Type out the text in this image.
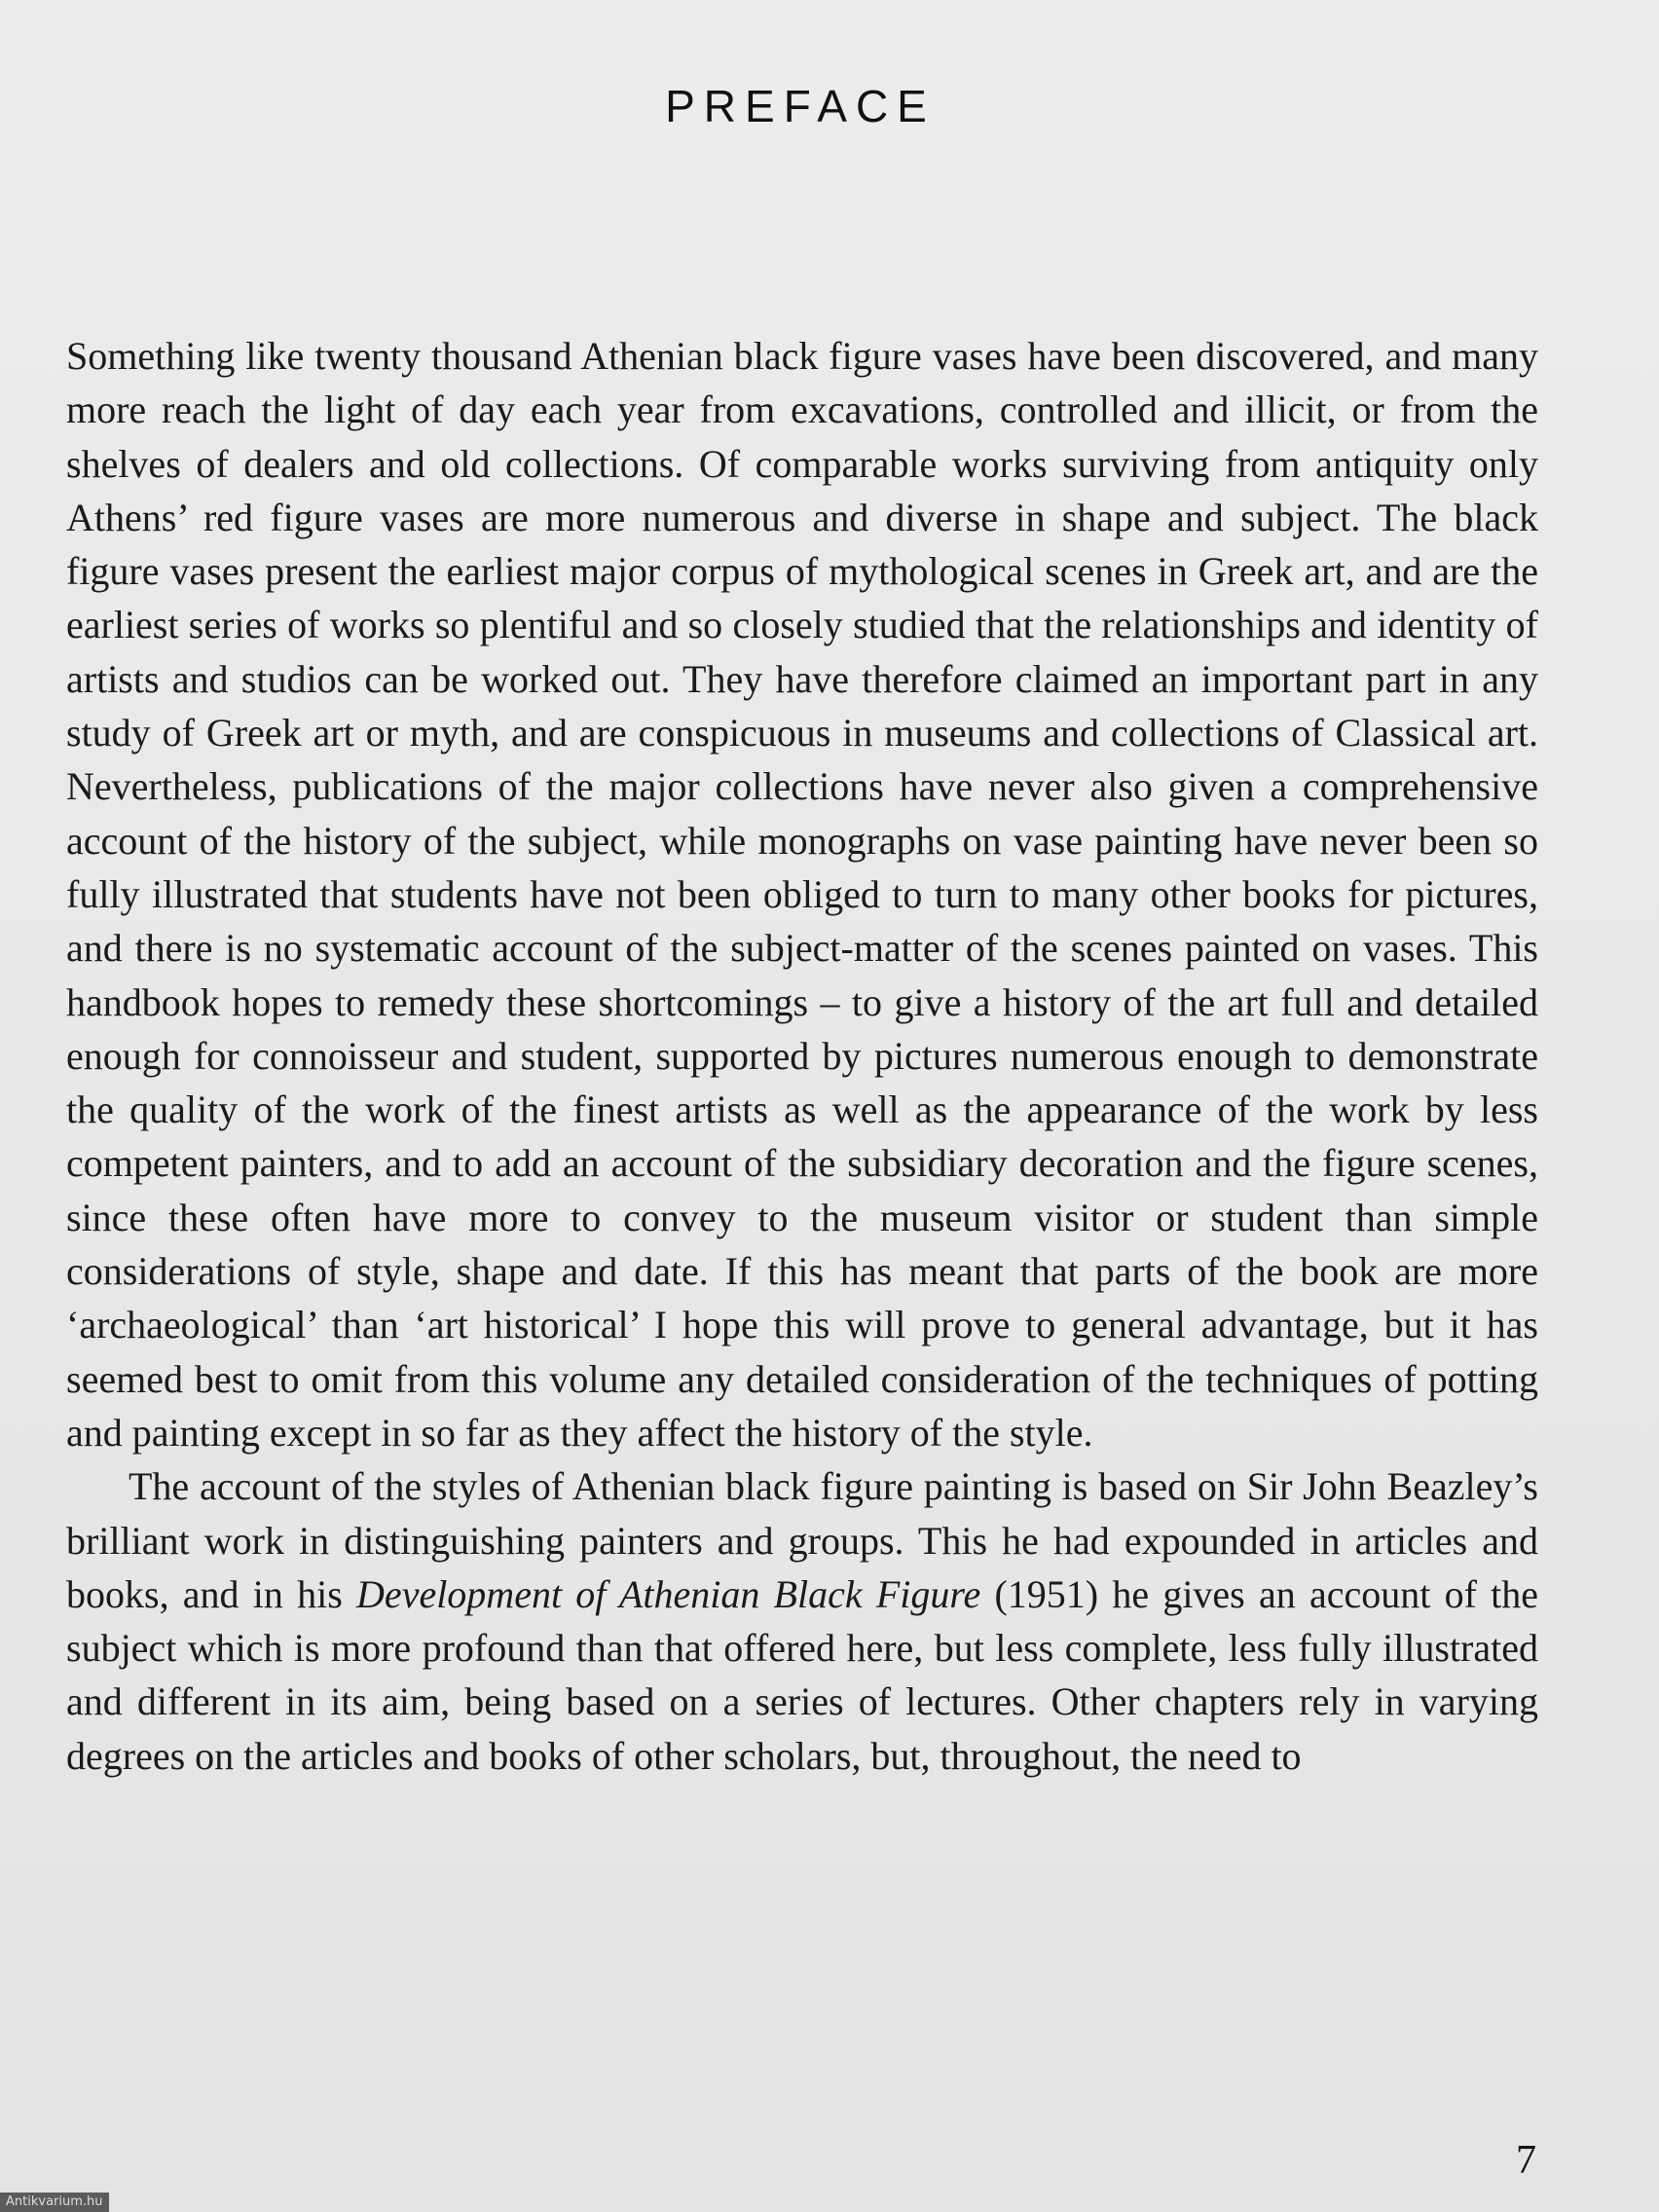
PREFACE

Something like twenty thousand Athenian black figure vases have been discovered, and many more reach the light of day each year from excavations, controlled and illicit, or from the shelves of dealers and old collections. Of comparable works surviving from antiquity only Athens’ red figure vases are more numerous and diverse in shape and subject. The black figure vases present the earliest major corpus of mythological scenes in Greek art, and are the earliest series of works so plentiful and so closely studied that the relationships and identity of artists and studios can be worked out. They have therefore claimed an important part in any study of Greek art or myth, and are conspicuous in museums and collections of Classical art. Nevertheless, publications of the major collections have never also given a comprehensive account of the history of the subject, while monographs on vase painting have never been so fully illustrated that students have not been obliged to turn to many other books for pictures, and there is no systematic account of the subject-matter of the scenes painted on vases. This handbook hopes to remedy these shortcomings – to give a history of the art full and detailed enough for connoisseur and student, supported by pictures numerous enough to demonstrate the quality of the work of the finest artists as well as the appearance of the work by less competent painters, and to add an account of the subsidiary decoration and the figure scenes, since these often have more to convey to the museum visitor or student than simple considerations of style, shape and date. If this has meant that parts of the book are more ‘archaeological’ than ‘art historical’ I hope this will prove to general advantage, but it has seemed best to omit from this volume any detailed consideration of the techniques of potting and painting except in so far as they affect the history of the style.

The account of the styles of Athenian black figure painting is based on Sir John Beazley’s brilliant work in distinguishing painters and groups. This he had expounded in articles and books, and in his Development of Athenian Black Figure (1951) he gives an account of the subject which is more profound than that offered here, but less complete, less fully illustrated and different in its aim, being based on a series of lectures. Other chapters rely in varying degrees on the articles and books of other scholars, but, throughout, the need to

7
Antikvarium.hu
